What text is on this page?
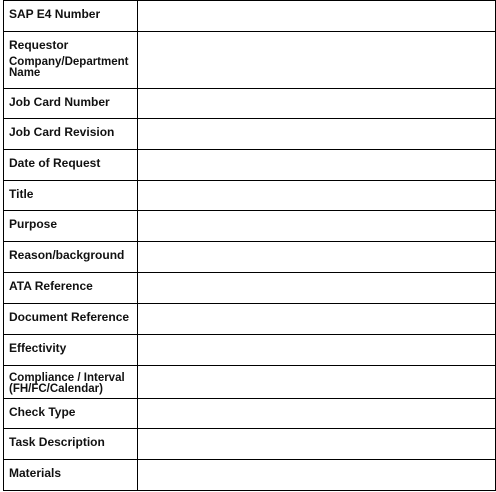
SAP E4 Number	

Requestor
Company/Department Name	

Job Card Number	

Job Card Revision	

Date of Request	

Title	

Purpose	

Reason/background	

ATA Reference	

Document Reference	

Effectivity	

Compliance / Interval (FH/FC/Calendar)	

Check Type	

Task Description	

Materials	
